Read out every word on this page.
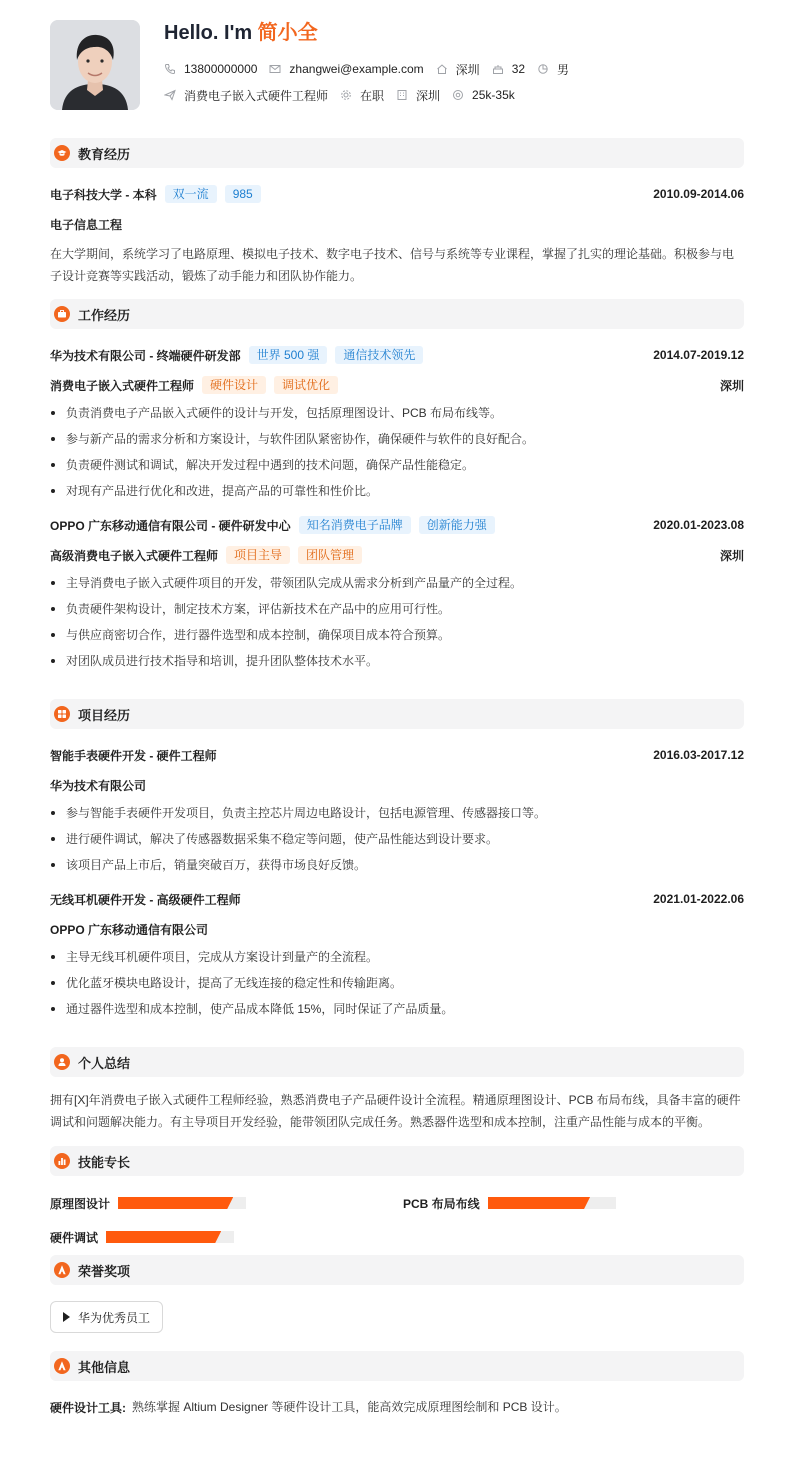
Hello. I'm 简小全
13800000000	zhangwei@example.com	深圳	32	男
消费电子嵌入式硬件工程师	在职	深圳	25k-35k
教育经历
电子科技大学 - 本科	双一流	985	2010.09-2014.06
电子信息工程
在大学期间，系统学习了电路原理、模拟电子技术、数字电子技术、信号与系统等专业课程，掌握了扎实的理论基础。积极参与电子设计竞赛等实践活动，锻炼了动手能力和团队协作能力。
工作经历
华为技术有限公司 - 终端硬件研发部	世界 500 强	通信技术领先	2014.07-2019.12
消费电子嵌入式硬件工程师	硬件设计	调试优化	深圳
负责消费电子产品嵌入式硬件的设计与开发，包括原理图设计、PCB 布局布线等。
参与新产品的需求分析和方案设计，与软件团队紧密协作，确保硬件与软件的良好配合。
负责硬件测试和调试，解决开发过程中遇到的技术问题，确保产品性能稳定。
对现有产品进行优化和改进，提高产品的可靠性和性价比。
OPPO 广东移动通信有限公司 - 硬件研发中心	知名消费电子品牌	创新能力强	2020.01-2023.08
高级消费电子嵌入式硬件工程师	项目主导	团队管理	深圳
主导消费电子嵌入式硬件项目的开发，带领团队完成从需求分析到产品量产的全过程。
负责硬件架构设计，制定技术方案，评估新技术在产品中的应用可行性。
与供应商密切合作，进行器件选型和成本控制，确保项目成本符合预算。
对团队成员进行技术指导和培训，提升团队整体技术水平。
项目经历
智能手表硬件开发 - 硬件工程师	2016.03-2017.12
华为技术有限公司
参与智能手表硬件开发项目，负责主控芯片周边电路设计，包括电源管理、传感器接口等。
进行硬件调试，解决了传感器数据采集不稳定等问题，使产品性能达到设计要求。
该项目产品上市后，销量突破百万，获得市场良好反馈。
无线耳机硬件开发 - 高级硬件工程师	2021.01-2022.06
OPPO 广东移动通信有限公司
主导无线耳机硬件项目，完成从方案设计到量产的全流程。
优化蓝牙模块电路设计，提高了无线连接的稳定性和传输距离。
通过器件选型和成本控制，使产品成本降低 15%，同时保证了产品质量。
个人总结
拥有[X]年消费电子嵌入式硬件工程师经验，熟悉消费电子产品硬件设计全流程。精通原理图设计、PCB 布局布线，具备丰富的硬件调试和问题解决能力。有主导项目开发经验，能带领团队完成任务。熟悉器件选型和成本控制，注重产品性能与成本的平衡。
技能专长
原理图设计	PCB 布局布线
硬件调试
荣誉奖项
华为优秀员工
其他信息
硬件设计工具: 熟练掌握 Altium Designer 等硬件设计工具，能高效完成原理图绘制和 PCB 设计。
